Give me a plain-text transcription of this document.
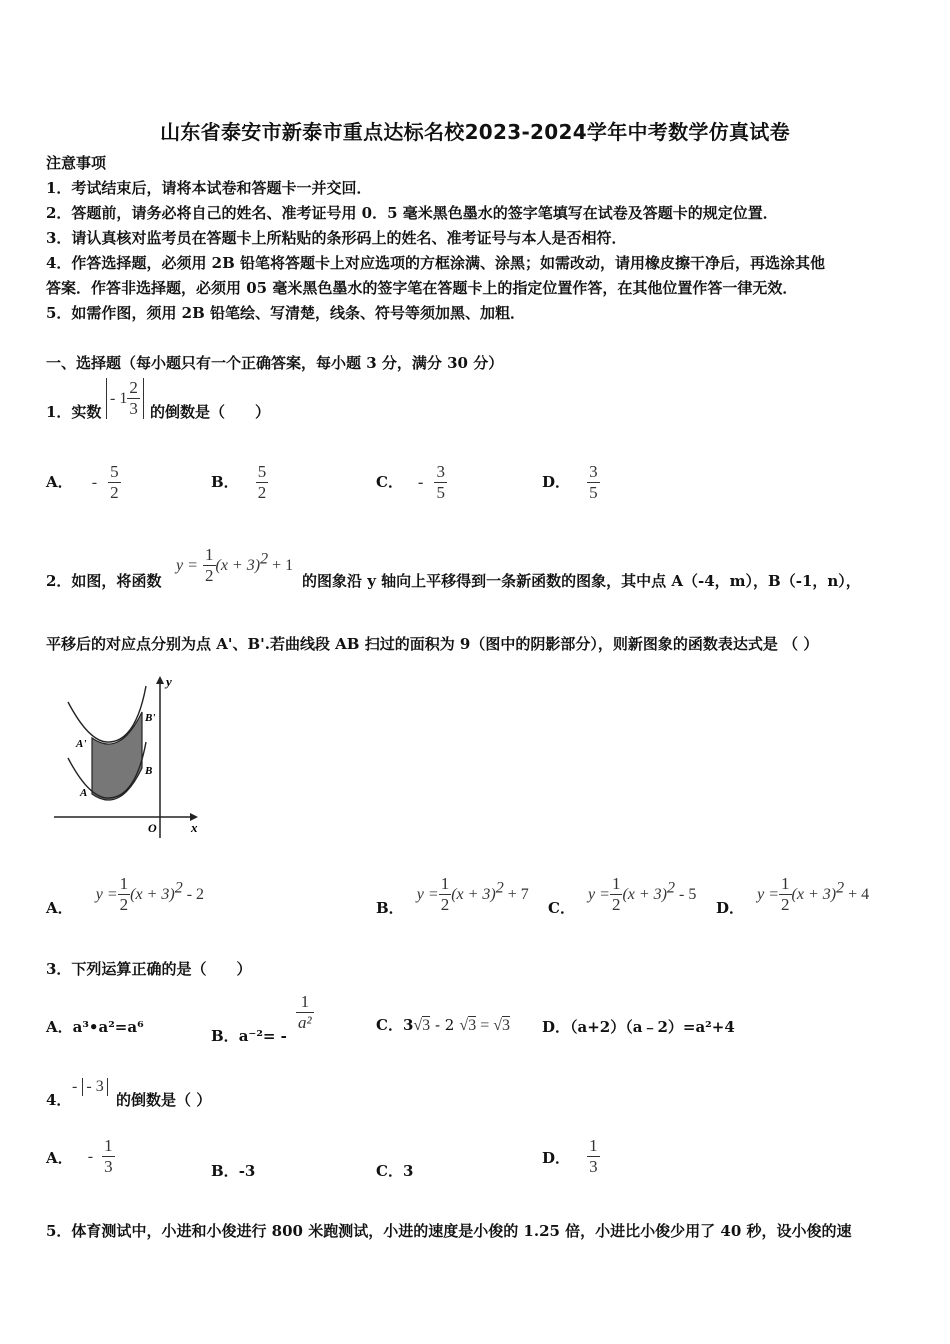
山东省泰安市新泰市重点达标名校2023-2024学年中考数学仿真试卷
注意事项
1．考试结束后，请将本试卷和答题卡一并交回．
2．答题前，请务必将自己的姓名、准考证号用 0．5 毫米黑色墨水的签字笔填写在试卷及答题卡的规定位置．
3．请认真核对监考员在答题卡上所粘贴的条形码上的姓名、准考证号与本人是否相符．
4．作答选择题，必须用 2B 铅笔将答题卡上对应选项的方框涂满、涂黑；如需改动，请用橡皮擦干净后，再选涂其他
答案．作答非选择题，必须用 05 毫米黑色墨水的签字笔在答题卡上的指定位置作答，在其他位置作答一律无效．
5．如需作图，须用 2B 铅笔绘、写清楚，线条、符号等须加黑、加粗．
一、选择题（每小题只有一个正确答案，每小题 3 分，满分 30 分）
1．实数
- $1 \frac{2}{3}$ 的倒数是（　　）
A． - $\frac{5}{2}$	B． $\frac{5}{2}$	C． - $\frac{3}{5}$	D． $\frac{3}{5}$
2．如图，将函数
$y = \frac{1}{2} (x + 3)^2 + 1$
的图象沿 y 轴向上平移得到一条新函数的图象，其中点 A（-4，m），B（-1，n），
平移后的对应点分别为点 A'、B'.若曲线段 AB 扫过的面积为 9（图中的阴影部分），则新图象的函数表达式是 （ ）
y
x
O
A
B
A'
B'
A． $y = \frac{1}{2} (x + 3)^2 - 2$
B． $y = \frac{1}{2} (x + 3)^2 + 7$
C． $y = \frac{1}{2} (x + 3)^2 - 5$
D． $y = \frac{1}{2} (x + 3)^2 + 4$
3．下列运算正确的是（　　）
A．a³•a²=a⁶	B．a⁻²= -
$\frac{1}{\text{a²}}$	C．3√3 - 2 √3 = √3 D．（a+2）（a﹣2）=a²+4
4．
- - 3
的倒数是（ ）
A． - $\frac{1}{3}$	B．-3	C．3
D． $\frac{1}{3}$
5．体育测试中，小进和小俊进行 800 米跑测试，小进的速度是小俊的 1.25 倍，小进比小俊少用了 40 秒，设小俊的速
